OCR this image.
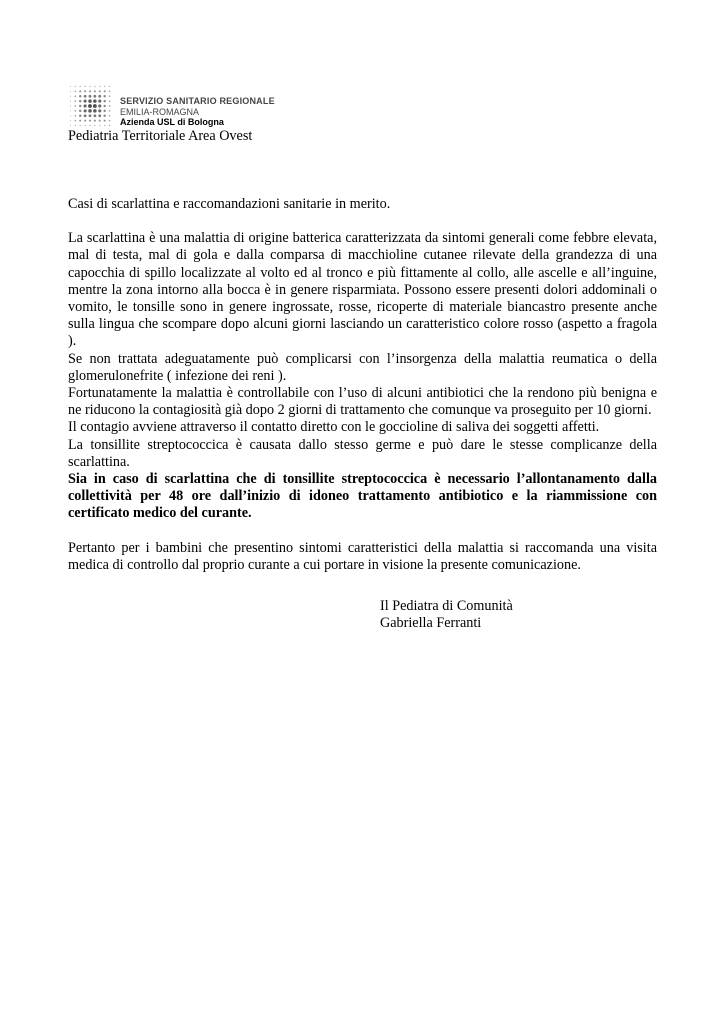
SERVIZIO SANITARIO REGIONALE
EMILIA-ROMAGNA
Azienda USL di Bologna
Pediatria Territoriale Area Ovest

Casi di scarlattina e raccomandazioni sanitarie in merito.

La scarlattina è una malattia di origine batterica caratterizzata da sintomi generali come febbre elevata, mal di testa, mal di gola e dalla comparsa di macchioline cutanee rilevate della grandezza di una capocchia di spillo localizzate al volto ed al tronco e più fittamente al collo, alle ascelle e all’inguine, mentre la zona intorno alla bocca è in genere risparmiata. Possono essere presenti dolori addominali o vomito, le tonsille sono in genere ingrossate, rosse, ricoperte di materiale biancastro presente anche sulla lingua che scompare dopo alcuni giorni lasciando un caratteristico colore rosso (aspetto a fragola ).

Se non trattata adeguatamente può complicarsi con l’insorgenza della malattia reumatica o della glomerulonefrite ( infezione dei reni ).

Fortunatamente la malattia è controllabile con l’uso di alcuni antibiotici che la rendono più benigna e ne riducono la contagiosità già dopo 2 giorni di trattamento che comunque va proseguito per 10 giorni.

Il contagio avviene attraverso il contatto diretto con le goccioline di saliva dei soggetti affetti.

La tonsillite streptococcica è causata dallo stesso germe e può dare le stesse complicanze della scarlattina.

Sia in caso di scarlattina che di tonsillite streptococcica è necessario l’allontanamento dalla collettività per 48 ore dall’inizio di idoneo trattamento antibiotico e la riammissione con certificato medico del curante.

Pertanto per i bambini che presentino sintomi caratteristici della malattia si raccomanda una visita medica di controllo dal proprio curante a cui portare in visione la presente comunicazione.

Il Pediatra di Comunità
Gabriella Ferranti
